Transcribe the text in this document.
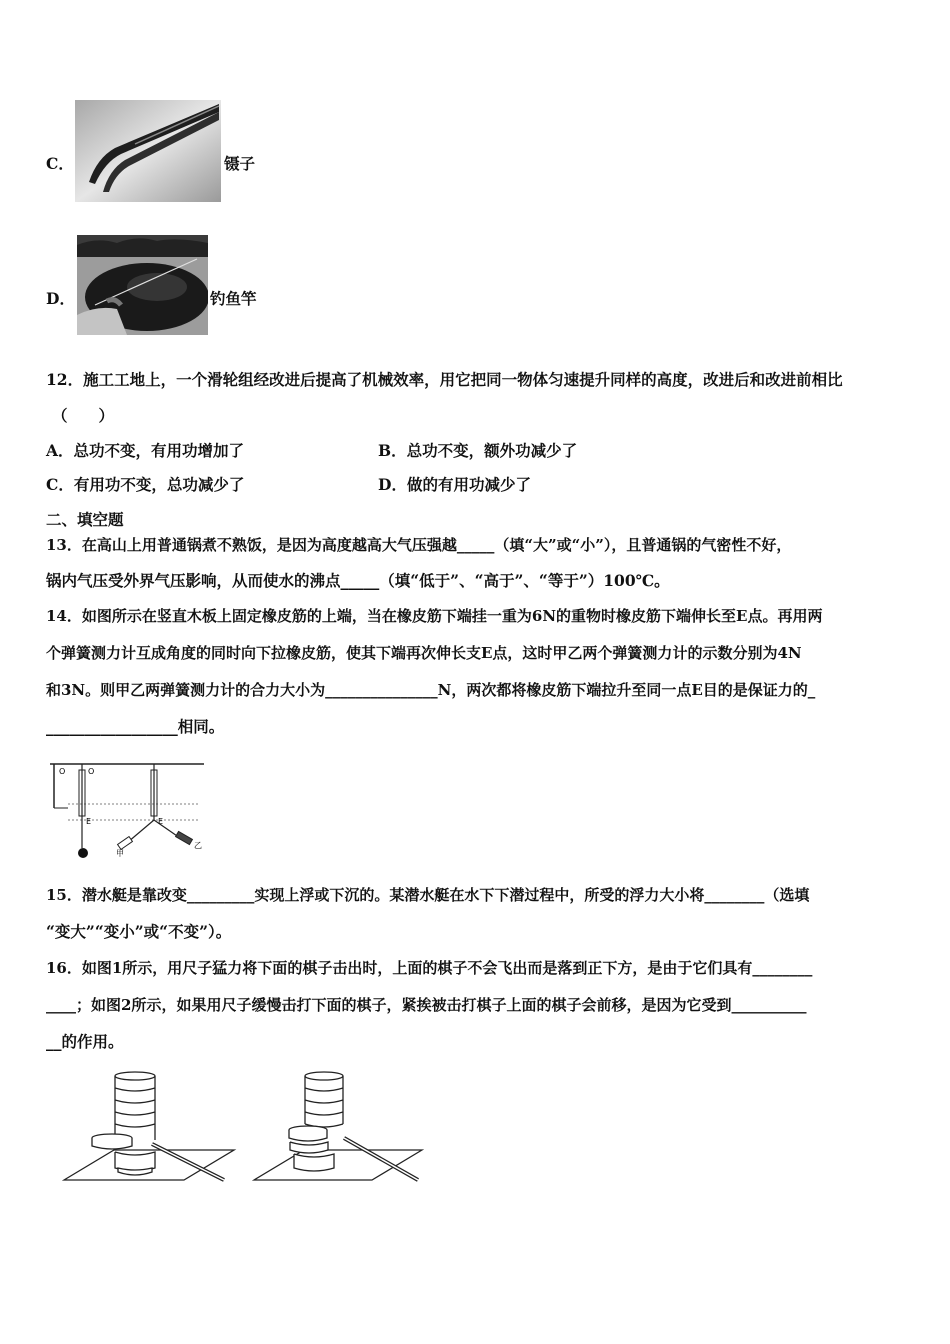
C．	镊子
D．	钓鱼竿
12．施工工地上，一个滑轮组经改进后提高了机械效率，用它把同一物体匀速提升同样的高度，改进后和改进前相比
（　　）
A．总功不变，有用功增加了	B．总功不变，额外功减少了
C．有用功不变，总功减少了	D．做的有用功减少了
二、填空题
13．在高山上用普通锅煮不熟饭，是因为高度越高大气压强越_____（填“大”或“小”），且普通锅的气密性不好，
锅内气压受外界气压影响，从而使水的沸点_____（填“低于”、“高于”、“等于”）100℃。
14．如图所示在竖直木板上固定橡皮筋的上端，当在橡皮筋下端挂一重为6N的重物时橡皮筋下端伸长至E点。再用两
个弹簧测力计互成角度的同时向下拉橡皮筋，使其下端再次伸长支E点，这时甲乙两个弹簧测力计的示数分别为4N
和3N。则甲乙两弹簧测力计的合力大小为_______________N，两次都将橡皮筋下端拉升至同一点E目的是保证力的_
_________________相同。
O	O
E	E
甲
乙
15．潜水艇是靠改变_________实现上浮或下沉的。某潜水艇在水下下潜过程中，所受的浮力大小将________（选填
“变大”“变小”或“不变”）。
16．如图1所示，用尺子猛力将下面的棋子击出时，上面的棋子不会飞出而是落到正下方，是由于它们具有________
____；如图2所示，如果用尺子缓慢击打下面的棋子，紧挨被击打棋子上面的棋子会前移，是因为它受到__________
__的作用。
